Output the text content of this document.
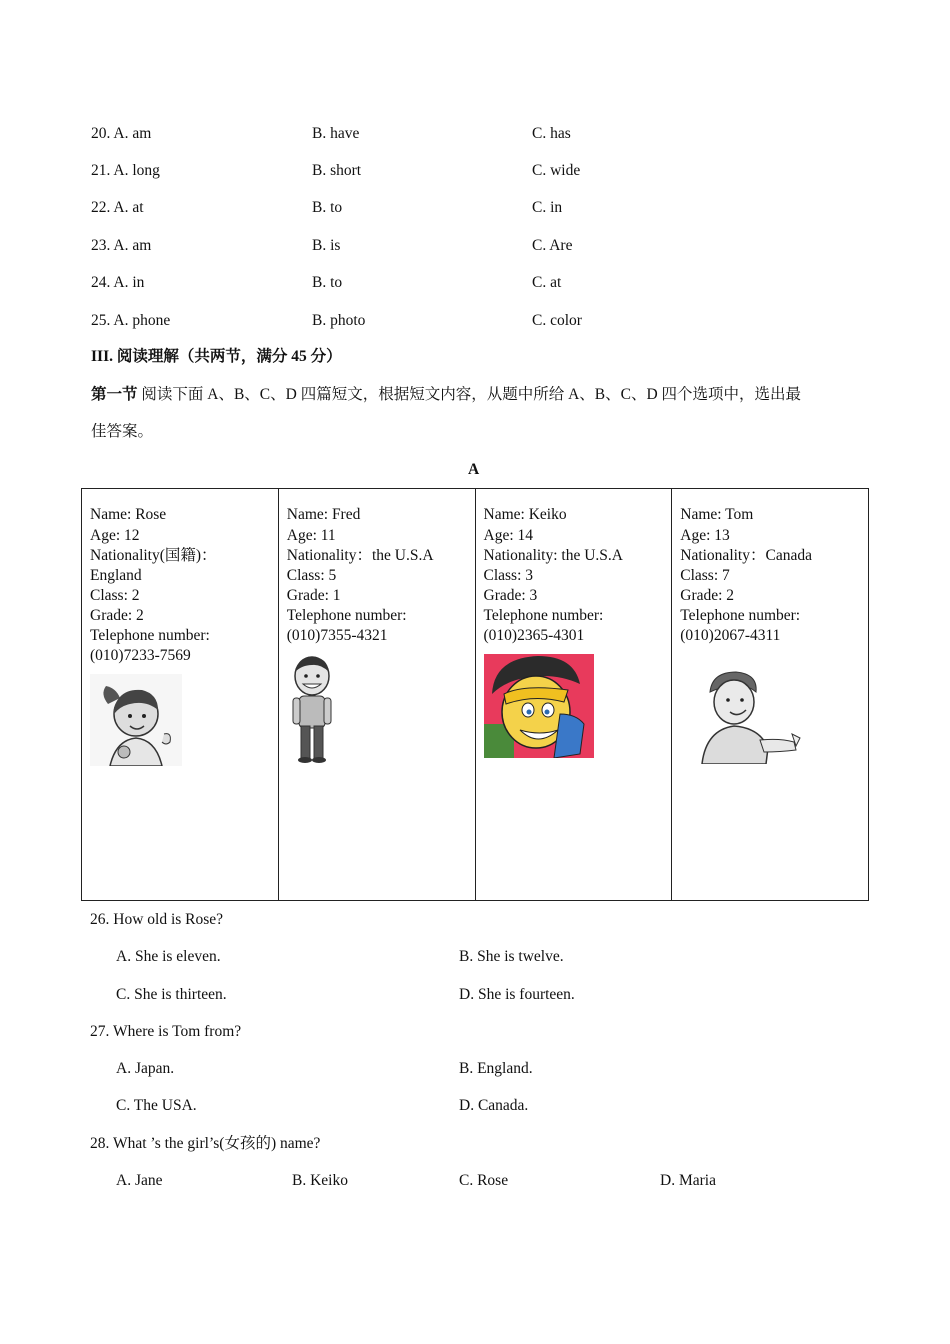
20. A. am	B. have	C. has
21. A. long	B. short	C. wide
22. A. at	B. to	C. in
23. A. am	B. is	C. Are
24. A. in	B. to	C. at
25. A. phone	B. photo	C. color
III. 阅读理解（共两节，满分 45 分）
第一节 阅读下面 A、B、C、D 四篇短文，根据短文内容，从题中所给 A、B、C、D 四个选项中，选出最
佳答案。
A
Name: Rose
Age: 12
Nationality(国籍)：
England
Class: 2
Grade: 2
Telephone number:
(010)7233-7569

Name: Fred
Age: 11
Nationality：the U.S.A
Class: 5
Grade: 1
Telephone number:
(010)7355-4321

Name: Keiko
Age: 14
Nationality: the U.S.A
Class: 3
Grade: 3
Telephone number:
(010)2365-4301

Name: Tom
Age: 13
Nationality：Canada
Class: 7
Grade: 2
Telephone number:
(010)2067-4311
26. How old is Rose?
A. She is eleven.	B. She is twelve.
C. She is thirteen.	D. She is fourteen.
27. Where is Tom from?
A. Japan.	B. England.
C. The USA.	D. Canada.
28. What ’s the girl’s(女孩的) name?
A. Jane	B. Keiko	C. Rose	D. Maria
